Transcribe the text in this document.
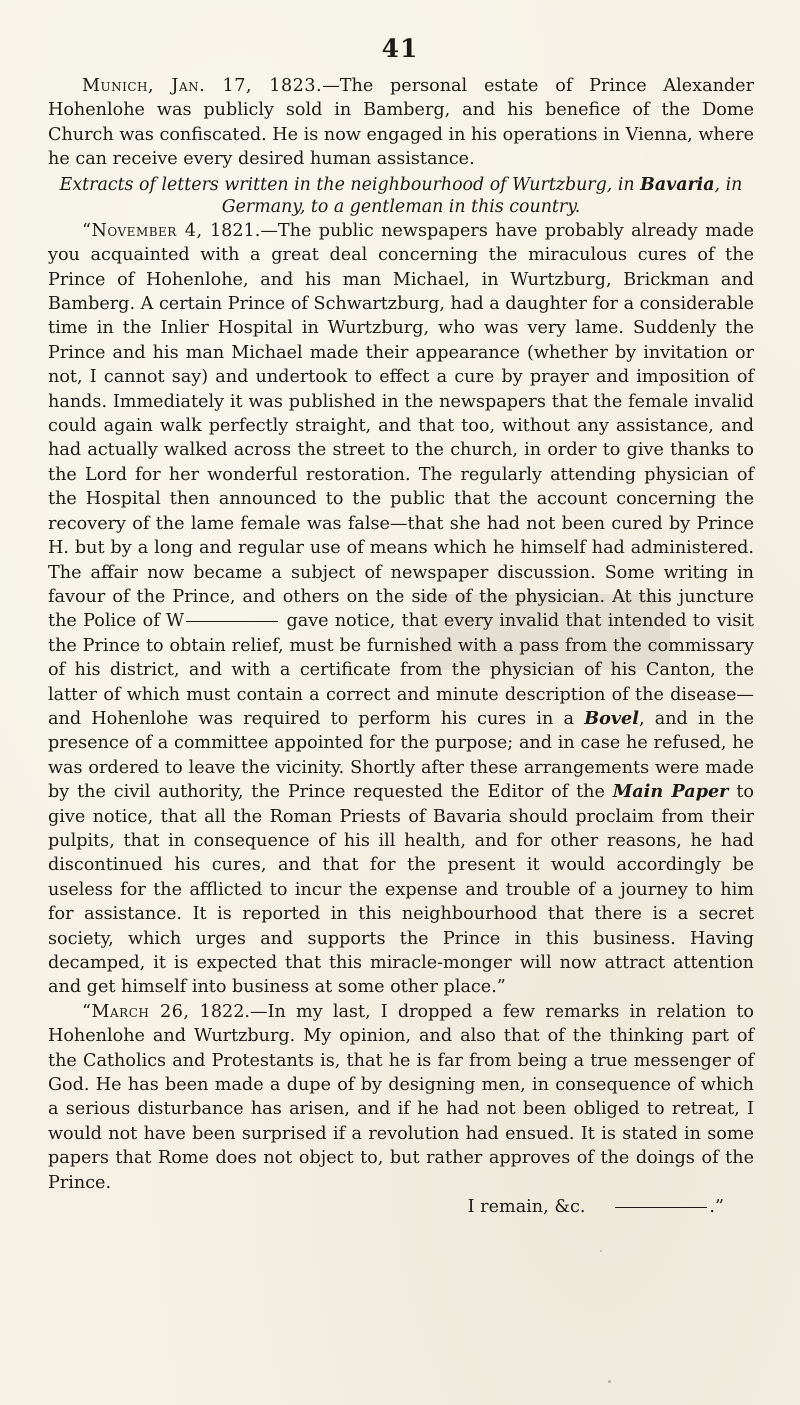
41

Munich, Jan. 17, 1823.—The personal estate of Prince Alexander Hohenlohe was publicly sold in Bamberg, and his benefice of the Dome Church was confiscated. He is now engaged in his operations in Vienna, where he can receive every desired human assistance.

Extracts of letters written in the neighbourhood of Wurtzburg, in Bavaria, in Germany, to a gentleman in this country.

“November 4, 1821.—The public newspapers have probably already made you acquainted with a great deal concerning the miraculous cures of the Prince of Hohenlohe, and his man Michael, in Wurtzburg, Brickman and Bamberg. A certain Prince of Schwartzburg, had a daughter for a considerable time in the Inlier Hospital in Wurtzburg, who was very lame. Suddenly the Prince and his man Michael made their appearance (whether by invitation or not, I cannot say) and undertook to effect a cure by prayer and imposition of hands. Immediately it was published in the newspapers that the female invalid could again walk perfectly straight, and that too, without any assistance, and had actually walked across the street to the church, in order to give thanks to the Lord for her wonderful restoration. The regularly attending physician of the Hospital then announced to the public that the account concerning the recovery of the lame female was false—that she had not been cured by Prince H. but by a long and regular use of means which he himself had administered. The affair now became a subject of newspaper discussion. Some writing in favour of the Prince, and others on the side of the physician. At this juncture the Police of W	gave notice, that every invalid that intended to visit the Prince to obtain relief, must be furnished with a pass from the commissary of his district, and with a certificate from the physician of his Canton, the latter of which must contain a correct and minute description of the disease—and Hohenlohe was required to perform his cures in a Bovel, and in the presence of a committee appointed for the purpose; and in case he refused, he was ordered to leave the vicinity. Shortly after these arrangements were made by the civil authority, the Prince requested the Editor of the Main Paper to give notice, that all the Roman Priests of Bavaria should proclaim from their pulpits, that in consequence of his ill health, and for other reasons, he had discontinued his cures, and that for the present it would accordingly be useless for the afflicted to incur the expense and trouble of a journey to him for assistance. It is reported in this neighbourhood that there is a secret society, which urges and supports the Prince in this business. Having decamped, it is expected that this miracle-monger will now attract attention and get himself into business at some other place.”

“March 26, 1822.—In my last, I dropped a few remarks in relation to Hohenlohe and Wurtzburg. My opinion, and also that of the thinking part of the Catholics and Protestants is, that he is far from being a true messenger of God. He has been made a dupe of by designing men, in consequence of which a serious disturbance has arisen, and if he had not been obliged to retreat, I would not have been surprised if a revolution had ensued. It is stated in some papers that Rome does not object to, but rather approves of the doings of the Prince.

I remain, &c.	.”
